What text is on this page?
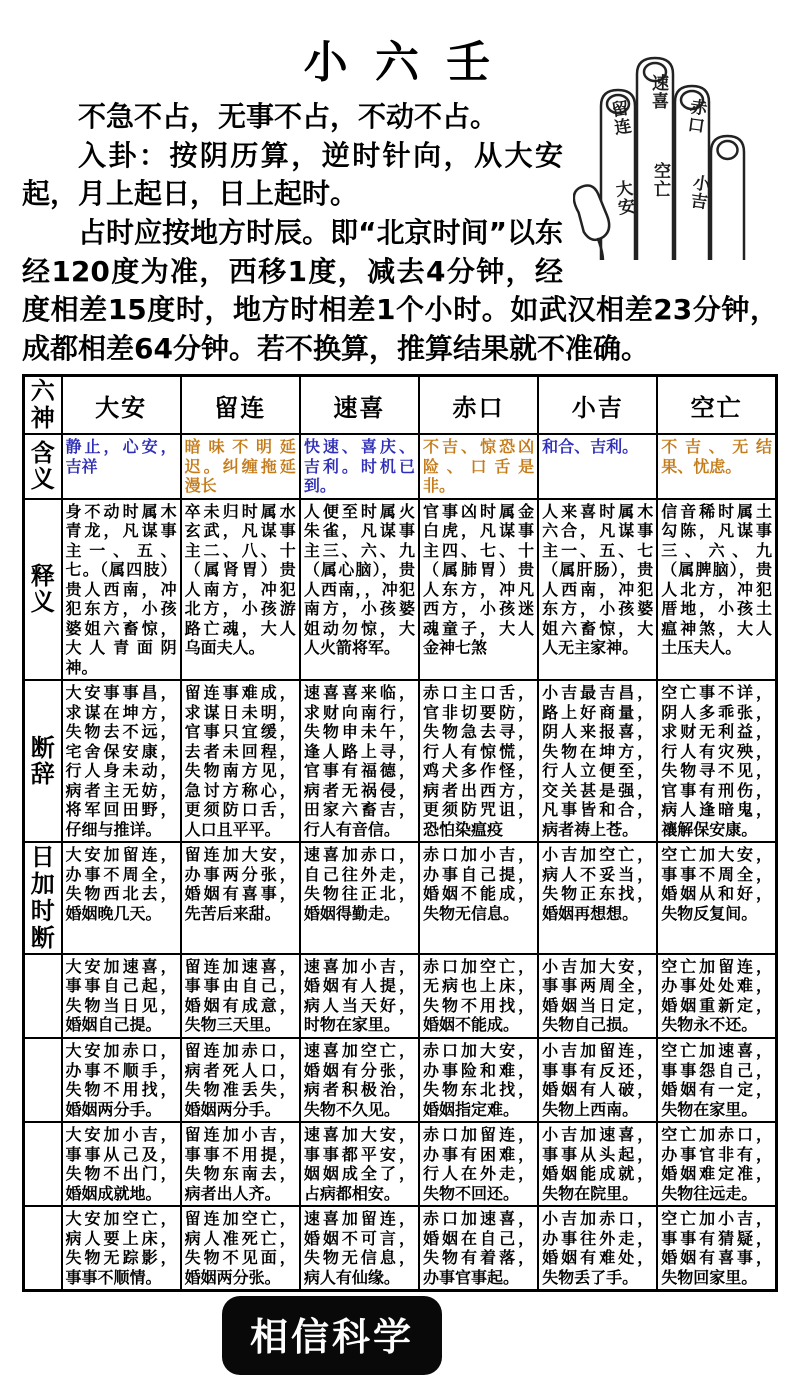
小 六 壬
留连
大安
速喜
空亡
赤口
小吉

不急不占，无事不占，不动不占。

入卦：按阴历算，逆时针向，从大安起，月上起日，日上起时。

占时应按地方时辰。即“北京时间”以东经120度为准，西移1度，减去4分钟，经度相差15度时，地方时相差1个小时。如武汉相差23分钟，成都相差64分钟。若不换算，推算结果就不准确。

六神	大安	留连	速喜	赤口	小吉	空亡
含义	静止，心安，吉祥	暗味不明延迟。纠缠拖延漫长	快速、喜庆、吉利。时机已到。	不吉、惊恐凶险、口舌是非。	和合、吉利。	不吉、无结果、忧虑。
释义	身不动时属木青龙，凡谋事主一、五、七。（属四肢）贵人西南，冲犯东方，小孩婆姐六畜惊，大人青面阴神。	卒未归时属水玄武，凡谋事主二、八、十（属肾胃）贵人南方，冲犯北方，小孩游路亡魂，大人乌面夫人。	人便至时属火朱雀，凡谋事主三、六、九（属心脑），贵人西南，，冲犯南方，小孩婆姐动勿惊，大人火箭将军。	官事凶时属金白虎，凡谋事主四、七、十（属肺胃）贵人东方，冲凡西方，小孩迷魂童子，大人金神七煞	人来喜时属木六合，凡谋事主一、五、七（属肝肠），贵人西南，冲犯东方，小孩婆姐六畜惊，大人无主家神。	信音稀时属土勾陈，凡谋事三、六、九（属脾脑），贵人北方，冲犯厝地，小孩土瘟神煞，大人土压夫人。
断辞	大安事事昌，求谋在坤方，失物去不远，宅舍保安康，行人身未动，病者主无妨，将军回田野，仔细与推详。	留连事难成，求谋日未明，官事只宜缓，去者未回程，失物南方见，急讨方称心，更须防口舌，人口且平平。	速喜喜来临，求财向南行，失物申未午，逢人路上寻，官事有福德，病者无祸侵，田家六畜吉，行人有音信。	赤口主口舌，官非切要防，失物急去寻，行人有惊慌，鸡犬多作怪，病者出西方，更须防咒诅，恐怕染瘟疫	小吉最吉昌，路上好商量，阴人来报喜，失物在坤方，行人立便至，交关甚是强，凡事皆和合，病者祷上苍。	空亡事不详，阴人多乖张，求财无利益，行人有灾殃，失物寻不见，官事有刑伤，病人逢暗鬼，禳解保安康。
日加时断	大安加留连，办事不周全，失物西北去，婚姻晚几天。	留连加大安，办事两分张，婚姻有喜事，先苦后来甜。	速喜加赤口，自己往外走，失物往正北，婚姻得勤走。	赤口加小吉，办事自己提，婚姻不能成，失物无信息。	小吉加空亡，病人不妥当，失物正东找，婚姻再想想。	空亡加大安，事事不周全，婚姻从和好，失物反复间。
	大安加速喜，事事自己起，失物当日见，婚姻自己提。	留连加速喜，事事由自己，婚姻有成意，失物三天里。	速喜加小吉，婚姻有人提，病人当天好，时物在家里。	赤口加空亡，无病也上床，失物不用找，婚姻不能成。	小吉加大安，事事两周全，婚姻当日定，失物自己损。	空亡加留连，办事处处难，婚姻重新定，失物永不还。
	大安加赤口，办事不顺手，失物不用找，婚姻两分手。	留连加赤口，病者死人口，失物准丢失，婚姻两分手。	速喜加空亡，婚姻有分张，病者积极治，失物不久见。	赤口加大安，办事险和难，失物东北找，婚姻指定难。	小吉加留连，事事有反还，婚姻有人破，失物上西南。	空亡加速喜，事事怨自己，婚姻有一定，失物在家里。
	大安加小吉，事事从己及，失物不出门，婚姻成就地。	留连加小吉，事事不用提，失物东南去，病者出人齐。	速喜加大安，事事都平安，姻姻成全了，占病都相安。	赤口加留连，办事有困难，行人在外走，失物不回还。	小吉加速喜，事事从头起，婚姻能成就，失物在院里。	空亡加赤口，办事官非有，婚姻难定准，失物往远走。
	大安加空亡，病人要上床，失物无踪影，事事不顺情。	留连加空亡，病人准死亡，失物不见面，婚姻两分张。	速喜加留连，婚姻不可言，失物无信息，病人有仙缘。	赤口加速喜，婚姻在自己，失物有着落，办事官事起。	小吉加赤口，办事往外走，婚姻有难处，失物丢了手。	空亡加小吉，事事有猜疑，婚姻有喜事，失物回家里。
相信科学
